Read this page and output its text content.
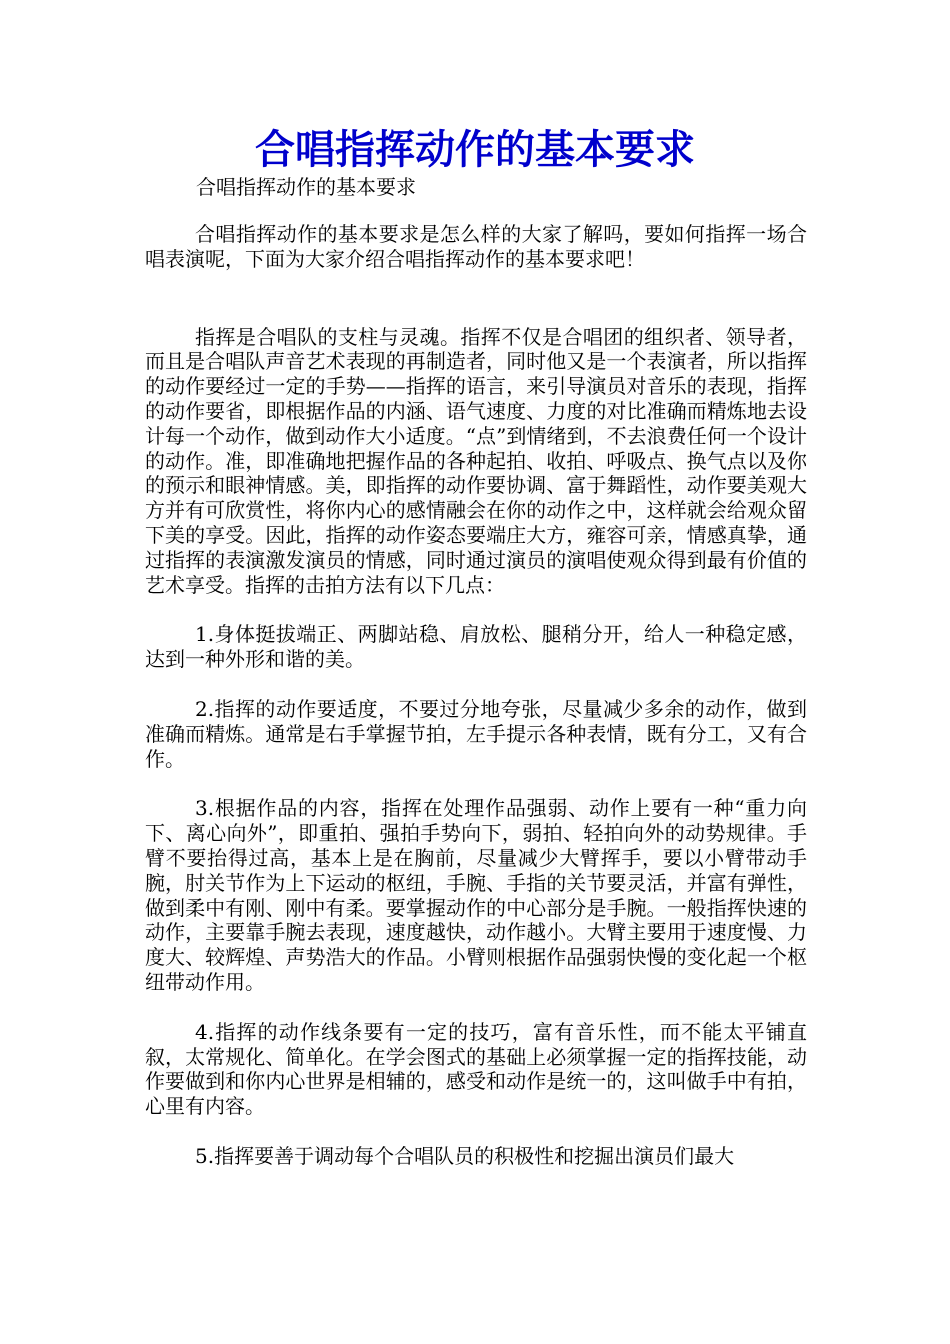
合唱指挥动作的基本要求

合唱指挥动作的基本要求

合唱指挥动作的基本要求是怎么样的大家了解吗，要如何指挥一场合唱表演呢，下面为大家介绍合唱指挥动作的基本要求吧！

指挥是合唱队的支柱与灵魂。指挥不仅是合唱团的组织者、领导者，而且是合唱队声音艺术表现的再制造者，同时他又是一个表演者，所以指挥的动作要经过一定的手势——指挥的语言，来引导演员对音乐的表现，指挥的动作要省，即根据作品的内涵、语气速度、力度的对比准确而精炼地去设计每一个动作，做到动作大小适度。“点”到情绪到，不去浪费任何一个设计的动作。准，即准确地把握作品的各种起拍、收拍、呼吸点、换气点以及你的预示和眼神情感。美，即指挥的动作要协调、富于舞蹈性，动作要美观大方并有可欣赏性，将你内心的感情融会在你的动作之中，这样就会给观众留下美的享受。因此，指挥的动作姿态要端庄大方，雍容可亲，情感真挚，通过指挥的表演激发演员的情感，同时通过演员的演唱使观众得到最有价值的艺术享受。指挥的击拍方法有以下几点：

1.身体挺拔端正、两脚站稳、肩放松、腿稍分开，给人一种稳定感，达到一种外形和谐的美。

2.指挥的动作要适度，不要过分地夸张，尽量减少多余的动作，做到准确而精炼。通常是右手掌握节拍，左手提示各种表情，既有分工，又有合作。

3.根据作品的内容，指挥在处理作品强弱、动作上要有一种“重力向下、离心向外”，即重拍、强拍手势向下，弱拍、轻拍向外的动势规律。手臂不要抬得过高，基本上是在胸前，尽量减少大臂挥手，要以小臂带动手腕，肘关节作为上下运动的枢纽，手腕、手指的关节要灵活，并富有弹性，做到柔中有刚、刚中有柔。要掌握动作的中心部分是手腕。一般指挥快速的动作，主要靠手腕去表现，速度越快，动作越小。大臂主要用于速度慢、力度大、较辉煌、声势浩大的作品。小臂则根据作品强弱快慢的变化起一个枢纽带动作用。

4.指挥的动作线条要有一定的技巧，富有音乐性，而不能太平铺直叙，太常规化、简单化。在学会图式的基础上必须掌握一定的指挥技能，动作要做到和你内心世界是相辅的，感受和动作是统一的，这叫做手中有拍，心里有内容。

5.指挥要善于调动每个合唱队员的积极性和挖掘出演员们最大
